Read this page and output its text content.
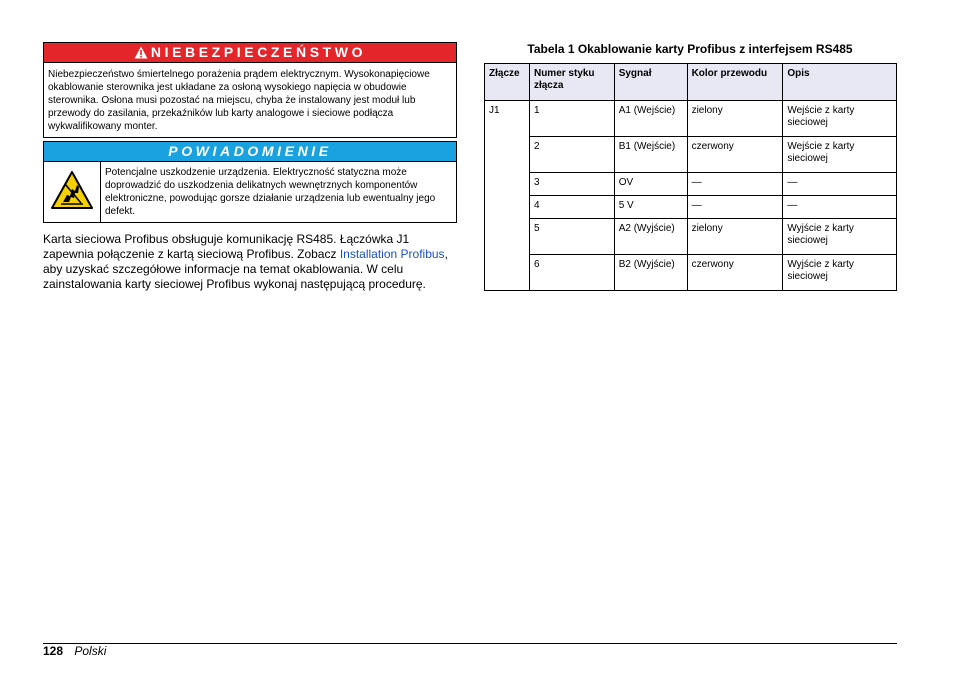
NIEBEZPIECZEŃSTWO
Niebezpieczeństwo śmiertelnego porażenia prądem elektrycznym. Wysokonapięciowe okablowanie sterownika jest układane za osłoną wysokiego napięcia w obudowie sterownika. Osłona musi pozostać na miejscu, chyba że instalowany jest moduł lub przewody do zasilania, przekaźników lub karty analogowe i sieciowe podłącza wykwalifikowany monter.
POWIADOMIENIE
Potencjalne uszkodzenie urządzenia. Elektryczność statyczna może doprowadzić do uszkodzenia delikatnych wewnętrznych komponentów elektroniczne, powodując gorsze działanie urządzenia lub ewentualny jego defekt.
Karta sieciowa Profibus obsługuje komunikację RS485. Łączówka J1 zapewnia połączenie z kartą sieciową Profibus. Zobacz Installation Profibus, aby uzyskać szczegółowe informacje na temat okablowania. W celu zainstalowania karty sieciowej Profibus wykonaj następującą procedurę.
Tabela 1 Okablowanie karty Profibus z interfejsem RS485
Złącze	Numer styku złącza	Sygnał	Kolor przewodu	Opis
J1	1	A1 (Wejście)	zielony	Wejście z karty sieciowej
	2	B1 (Wejście)	czerwony	Wejście z karty sieciowej
	3	OV	—	—
	4	5 V	—	—
	5	A2 (Wyjście)	zielony	Wyjście z karty sieciowej
	6	B2 (Wyjście)	czerwony	Wyjście z karty sieciowej
128 Polski
